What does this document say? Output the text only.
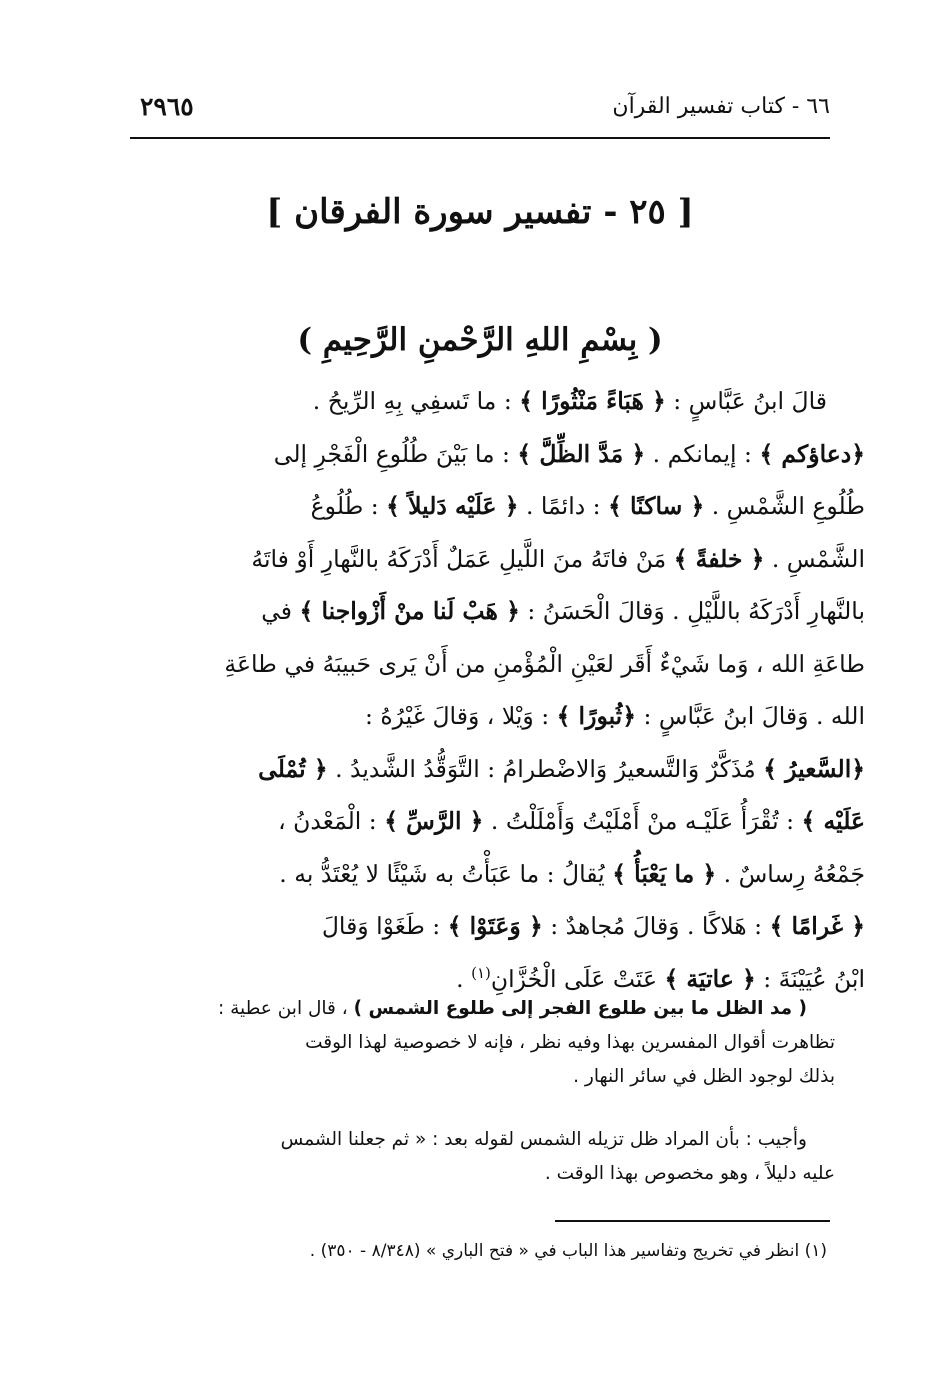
٦٦ - كتاب تفسير القرآن
٢٩٦٥
[ ٢٥ - تفسير سورة الفرقان ]
( بِسْمِ اللهِ الرَّحْمنِ الرَّحِيمِ )
قالَ ابنُ عَبَّاسٍ : ﴿ هَبَاءً مَنْثُورًا ﴾ : ما تَسفِي بِهِ الرِّيحُ .
﴿دعاؤكم ﴾ : إيمانكم . ﴿ مَدَّ الظِّلَّ ﴾ : ما بَيْنَ طُلُوعِ الْفَجْرِ إلى
طُلُوعِ الشَّمْسِ . ﴿ ساكنًا ﴾ : دائمًا . ﴿ عَلَيْه دَليلاً ﴾ : طُلُوعُ
الشَّمْسِ . ﴿ خلفةً ﴾ مَنْ فاتَهُ منَ اللَّيلِ عَمَلٌ أَدْرَكَهُ بالنَّهارِ أَوْ فاتَهُ
بالنَّهارِ أَدْرَكَهُ باللَّيْلِ . وَقالَ الْحَسَنُ : ﴿ هَبْ لَنا منْ أَزْواجنا ﴾ في
طاعَةِ الله ، وَما شَيْءٌ أَقَر لعَيْنِ الْمُؤْمنِ من أَنْ يَرى حَبيبَهُ في طاعَةِ
الله . وَقالَ ابنُ عَبَّاسٍ : ﴿ثُبورًا ﴾ : وَيْلا ، وَقالَ غَيْرُهُ :
﴿السَّعيرُ ﴾ مُذَكَّرٌ وَالتَّسعيرُ وَالاضْطرامُ : التَّوَقُّدُ الشَّديدُ . ﴿ تُمْلَى
عَلَيْه ﴾ : تُقْرَأُ عَلَيْـه منْ أَمْلَيْتُ وَأَمْلَلْتُ . ﴿ الرَّسِّ ﴾ : الْمَعْدنُ ،
جَمْعُهُ رِساسٌ . ﴿ ما يَعْبَأُ ﴾ يُقالُ : ما عَبَأْتُ به شَيْئًا لا يُعْتَدُّ به .
﴿ غَرامًا ﴾ : هَلاكًا . وَقالَ مُجاهدٌ : ﴿ وَعَتَوْا ﴾ : طَغَوْا وَقالَ
ابْنُ عُيَيْنَةَ : ﴿ عاتيَة ﴾ عَتَتْ عَلَى الْخُزَّانِ$^{(١)}$ .
( مد الظل ما بين طلوع الفجر إلى طلوع الشمس ) ، قال ابن عطية :
تظاهرت أقوال المفسرين بهذا وفيه نظر ، فإنه لا خصوصية لهذا الوقت
بذلك لوجود الظل في سائر النهار .
وأجيب : بأن المراد ظل تزيله الشمس لقوله بعد : « ثم جعلنا الشمس
عليه دليلاً ، وهو مخصوص بهذا الوقت .
(١) انظر في تخريج وتفاسير هذا الباب في « فتح الباري » (٨/٣٤٨ - ٣٥٠) .
